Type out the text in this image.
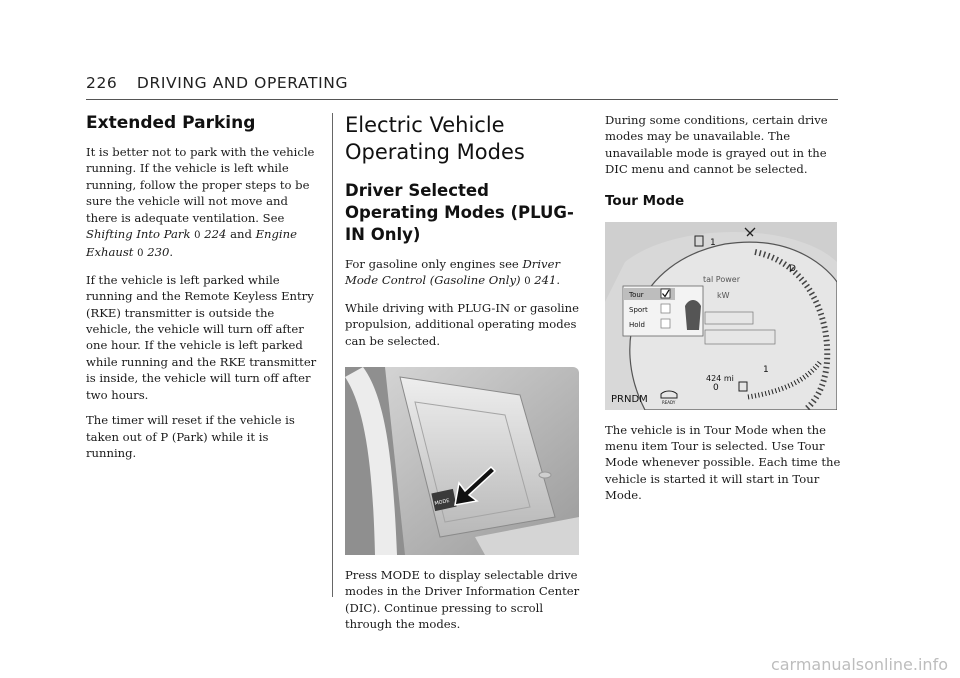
226 DRIVING AND OPERATING
Extended Parking

It is better not to park with the vehicle running. If the vehicle is left while running, follow the proper steps to be sure the vehicle will not move and there is adequate ventilation. See Shifting Into Park 0 224 and Engine Exhaust 0 230.

If the vehicle is left parked while running and the Remote Keyless Entry (RKE) transmitter is outside the vehicle, the vehicle will turn off after one hour. If the vehicle is left parked while running and the RKE transmitter is inside, the vehicle will turn off after two hours.

The timer will reset if the vehicle is taken out of P (Park) while it is running.

Electric Vehicle Operating Modes
Driver Selected Operating Modes (PLUG-IN Only)

For gasoline only engines see Driver Mode Control (Gasoline Only) 0 241.

While driving with PLUG-IN or gasoline propulsion, additional operating modes can be selected.

MODE

Press MODE to display selectable drive modes in the Driver Information Center (DIC). Continue pressing to scroll through the modes.

During some conditions, certain drive modes may be unavailable. The unavailable mode is grayed out in the DIC menu and cannot be selected.

Tour Mode
Tour
Sport
Hold
tal Power
kW
424 mi
1
D
1
0
PRNDM	READY

The vehicle is in Tour Mode when the menu item Tour is selected. Use Tour Mode whenever possible. Each time the vehicle is started it will start in Tour Mode.

carmanualsonline.info
